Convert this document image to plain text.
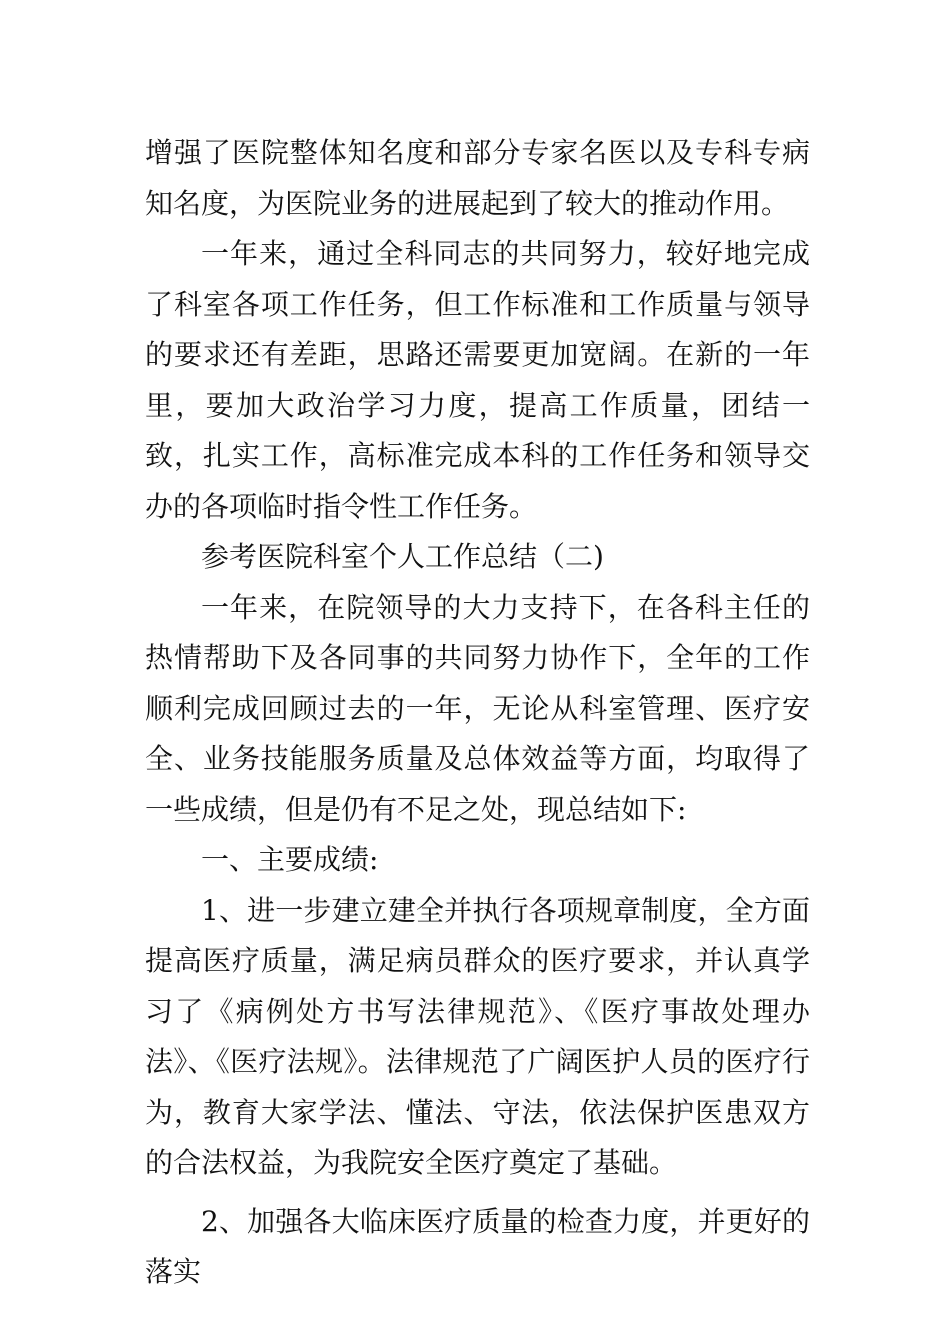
增强了医院整体知名度和部分专家名医以及专科专病知名度，为医院业务的进展起到了较大的推动作用。

一年来，通过全科同志的共同努力，较好地完成了科室各项工作任务，但工作标准和工作质量与领导的要求还有差距，思路还需要更加宽阔。在新的一年里，要加大政治学习力度，提高工作质量，团结一致，扎实工作，高标准完成本科的工作任务和领导交办的各项临时指令性工作任务。

参考医院科室个人工作总结（二)

一年来，在院领导的大力支持下，在各科主任的热情帮助下及各同事的共同努力协作下，全年的工作顺利完成回顾过去的一年，无论从科室管理、医疗安全、业务技能服务质量及总体效益等方面，均取得了一些成绩，但是仍有不足之处，现总结如下:

一、主要成绩:

1、进一步建立建全并执行各项规章制度，全方面提高医疗质量，满足病员群众的医疗要求，并认真学习了《病例处方书写法律规范》、《医疗事故处理办法》、《医疗法规》。法律规范了广阔医护人员的医疗行为，教育大家学法、懂法、守法，依法保护医患双方的合法权益，为我院安全医疗奠定了基础。

2、加强各大临床医疗质量的检查力度，并更好的落实
